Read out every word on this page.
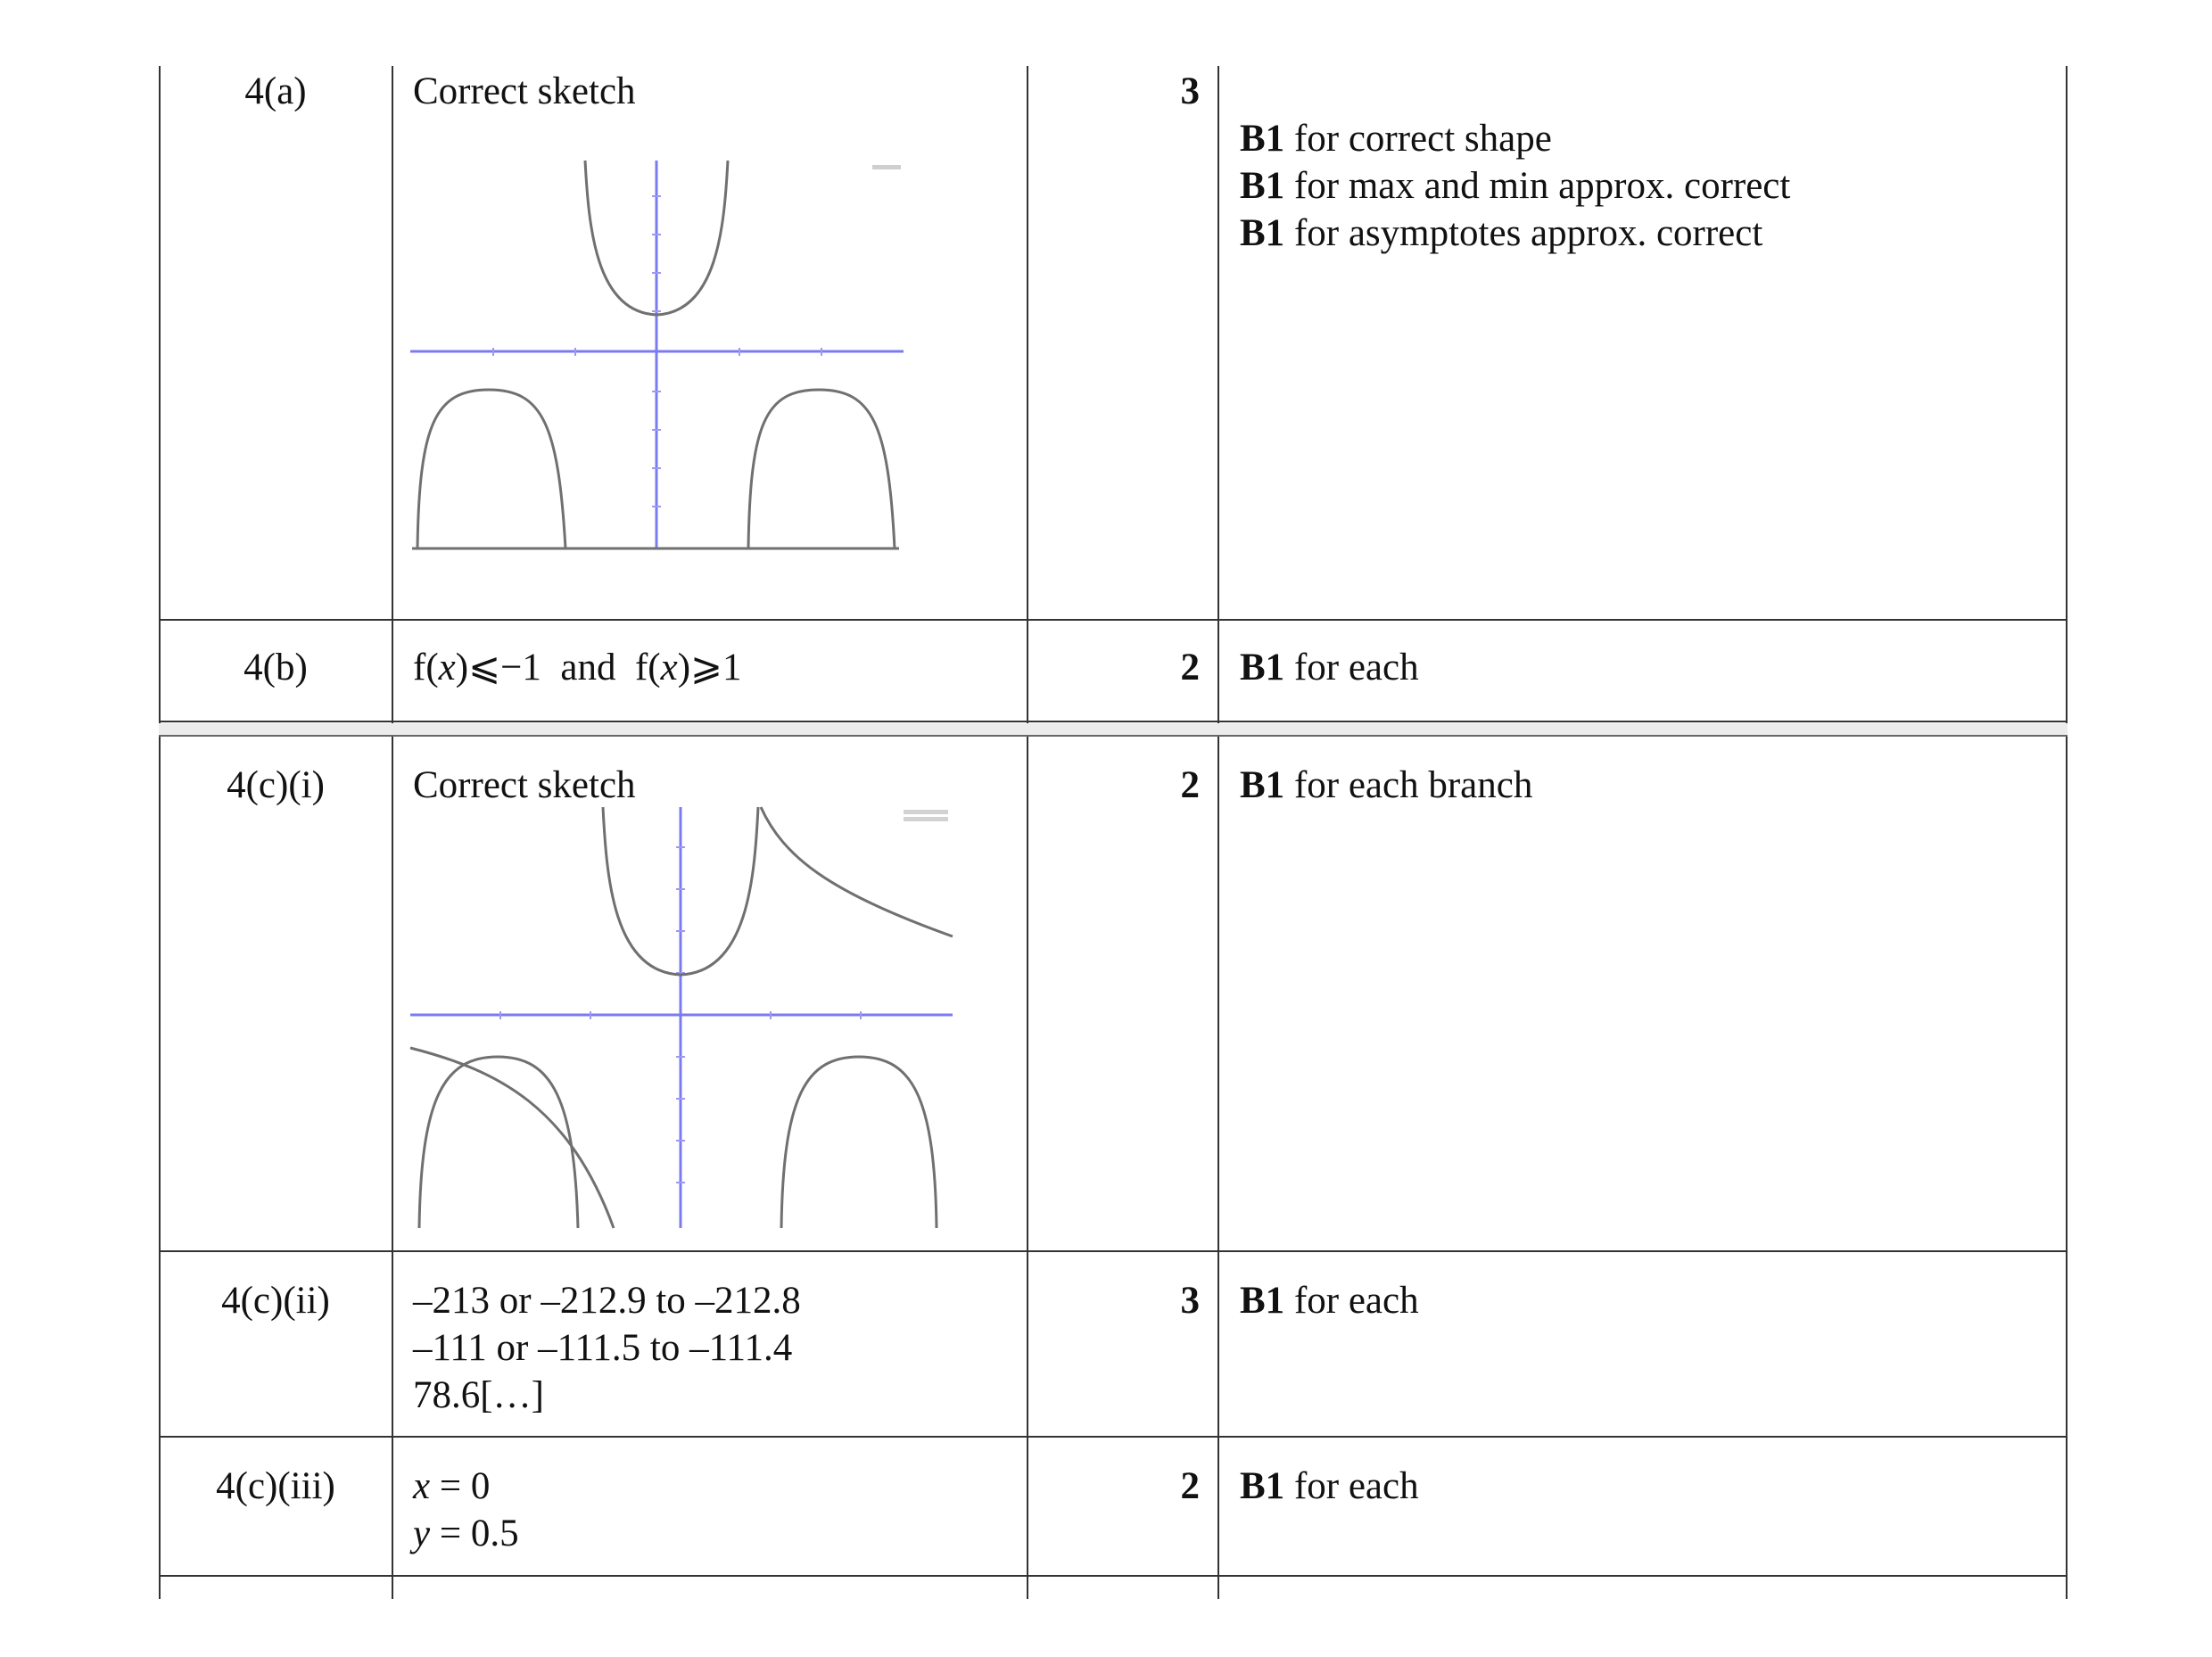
4(a)	Correct sketch	3
B1 for correct shape
B1 for max and min approx. correct
B1 for asymptotes approx. correct
4(b)	f(x)⩽−1 and f(x)⩾1	2 B1 for each
4(c)(i)	Correct sketch	2 B1 for each branch
4(c)(ii)	–213 or –212.9 to –212.8
–111 or –111.5 to –111.4
78.6[…]
3 B1 for each
4(c)(iii)	x = 0
y = 0.5
2 B1 for each
